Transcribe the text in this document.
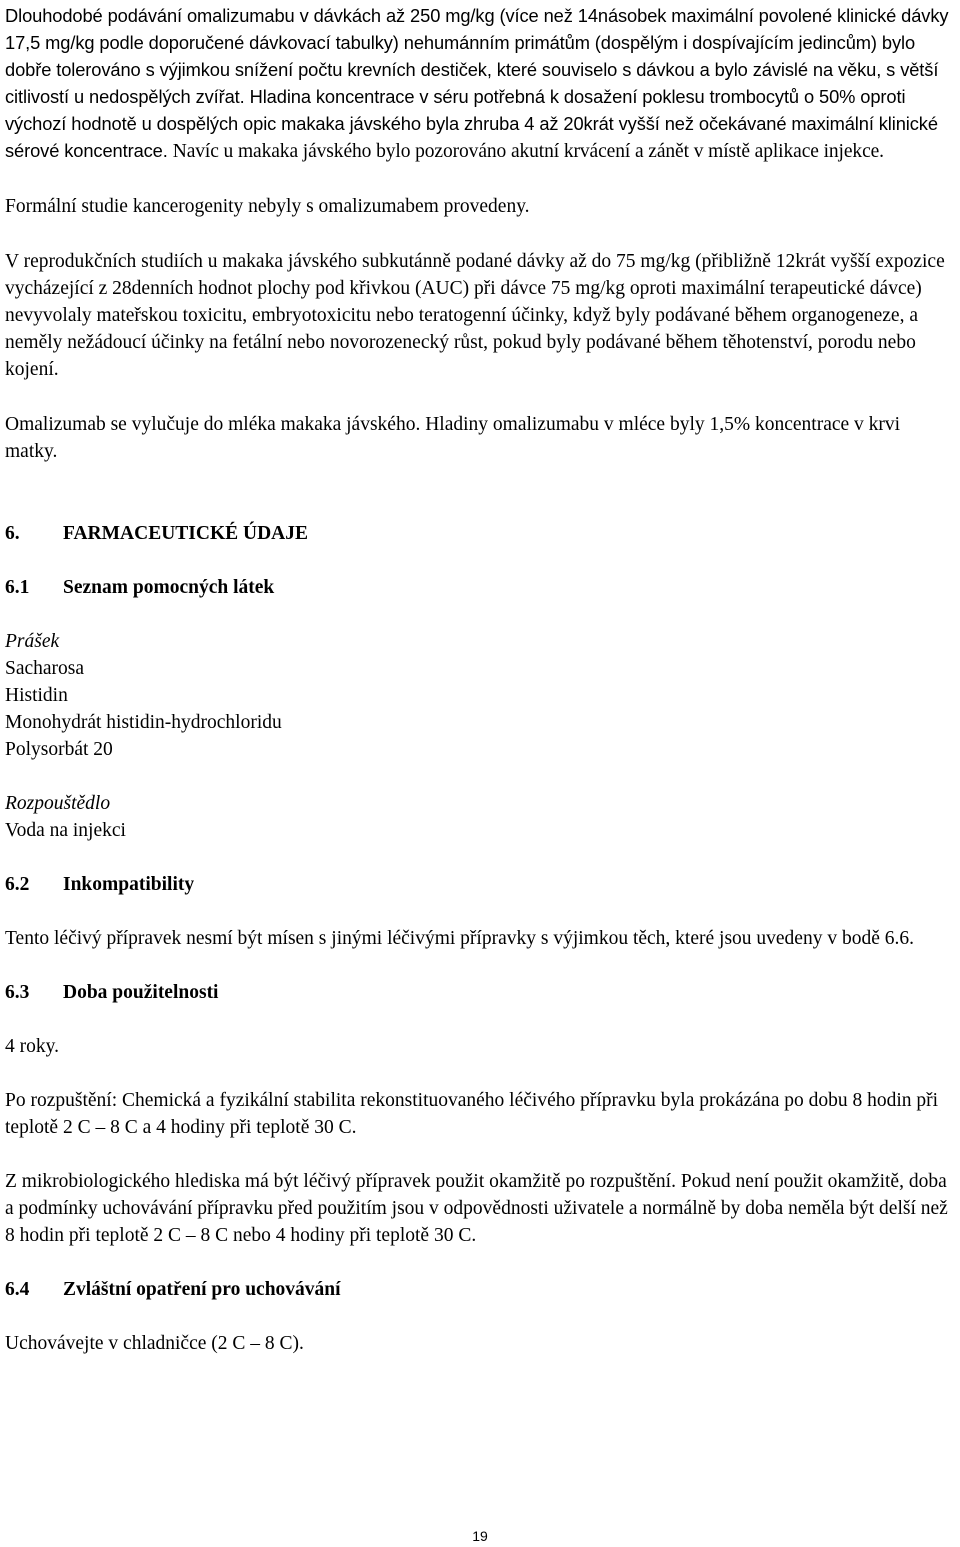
Dlouhodobé podávání omalizumabu v dávkách až 250 mg/kg (více než 14násobek maximální povolené klinické dávky 17,5 mg/kg podle doporučené dávkovací tabulky) nehumánním primátům (dospělým i dospívajícím jedincům) bylo dobře tolerováno s výjimkou snížení počtu krevních destiček, které souviselo s dávkou a bylo závislé na věku, s větší citlivostí u nedospělých zvířat. Hladina koncentrace v séru potřebná k dosažení poklesu trombocytů o 50% oproti výchozí hodnotě u dospělých opic makaka jávského byla zhruba 4 až 20krát vyšší než očekávané maximální klinické sérové koncentrace. Navíc u makaka jávského bylo pozorováno akutní krvácení a zánět v místě aplikace injekce.

Formální studie kancerogenity nebyly s omalizumabem provedeny.

V reprodukčních studiích u makaka jávského subkutánně podané dávky až do 75 mg/kg (přibližně 12krát vyšší expozice vycházející z 28denních hodnot plochy pod křivkou (AUC) při dávce 75 mg/kg oproti maximální terapeutické dávce) nevyvolaly mateřskou toxicitu, embryotoxicitu nebo teratogenní účinky, když byly podávané během organogeneze, a neměly nežádoucí účinky na fetální nebo novorozenecký růst, pokud byly podávané během těhotenství, porodu nebo kojení.

Omalizumab se vylučuje do mléka makaka jávského. Hladiny omalizumabu v mléce byly 1,5% koncentrace v krvi matky.

6.	FARMACEUTICKÉ ÚDAJE
6.1	Seznam pomocných látek
Prášek
Sacharosa
Histidin
Monohydrát histidin-hydrochloridu
Polysorbát 20
Rozpouštědlo
Voda na injekci
6.2	Inkompatibility

Tento léčivý přípravek nesmí být mísen s jinými léčivými přípravky s výjimkou těch, které jsou uvedeny v bodě 6.6.

6.3	Doba použitelnosti

4 roky.

Po rozpuštění: Chemická a fyzikální stabilita rekonstituovaného léčivého přípravku byla prokázána po dobu 8 hodin při teplotě 2 C – 8 C a 4 hodiny při teplotě 30 C.

Z mikrobiologického hlediska má být léčivý přípravek použit okamžitě po rozpuštění. Pokud není použit okamžitě, doba a podmínky uchovávání přípravku před použitím jsou v odpovědnosti uživatele a normálně by doba neměla být delší než 8 hodin při teplotě 2 C – 8 C nebo 4 hodiny při teplotě 30 C.

6.4	Zvláštní opatření pro uchovávání

Uchovávejte v chladničce (2 C – 8 C).

19
